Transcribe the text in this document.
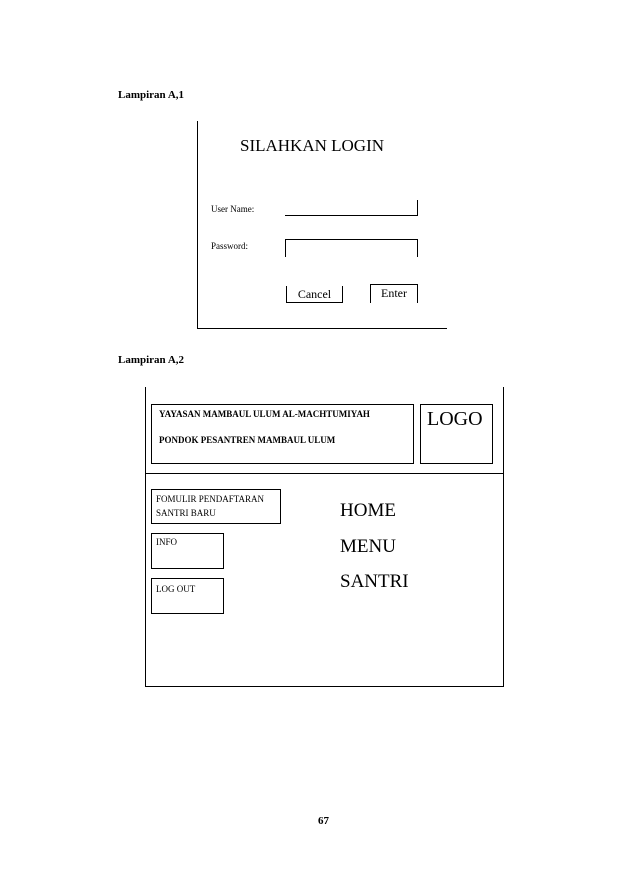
Lampiran A,1
SILAHKAN LOGIN
User Name:
Password:
Cancel	Enter
Lampiran A,2
YAYASAN MAMBAUL ULUM AL-MACHTUMIYAH
PONDOK PESANTREN MAMBAUL ULUM
LOGO
FOMULIR PENDAFTARAN
SANTRI BARU
INFO
LOG OUT
HOME
MENU
SANTRI
67
